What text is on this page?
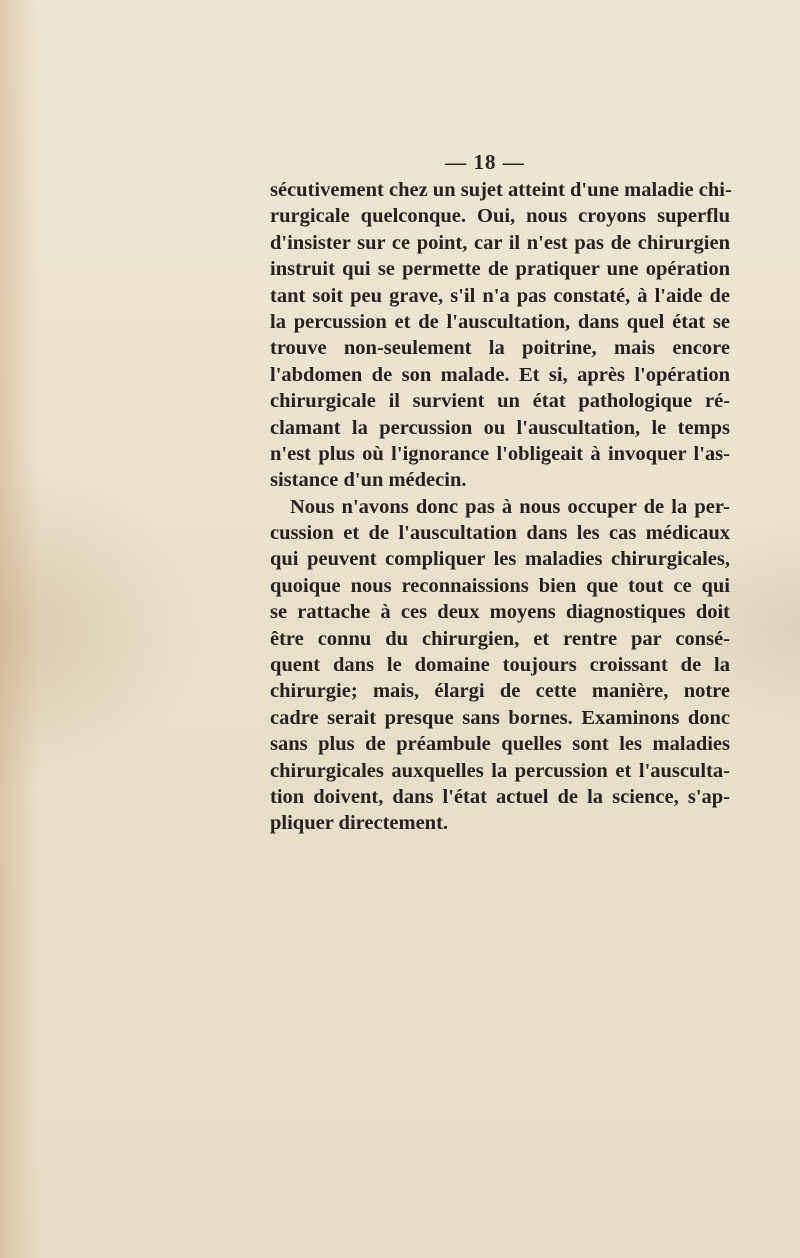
— 18 —
sécutivement chez un sujet atteint d'une maladie chi-
rurgicale quelconque. Oui, nous croyons superflu
d'insister sur ce point, car il n'est pas de chirurgien
instruit qui se permette de pratiquer une opération
tant soit peu grave, s'il n'a pas constaté, à l'aide de
la percussion et de l'auscultation, dans quel état se
trouve non-seulement la poitrine, mais encore
l'abdomen de son malade. Et si, après l'opération
chirurgicale il survient un état pathologique ré-
clamant la percussion ou l'auscultation, le temps
n'est plus où l'ignorance l'obligeait à invoquer l'as-
sistance d'un médecin.
Nous n'avons donc pas à nous occuper de la per-
cussion et de l'auscultation dans les cas médicaux
qui peuvent compliquer les maladies chirurgicales,
quoique nous reconnaissions bien que tout ce qui
se rattache à ces deux moyens diagnostiques doit
être connu du chirurgien, et rentre par consé-
quent dans le domaine toujours croissant de la
chirurgie; mais, élargi de cette manière, notre
cadre serait presque sans bornes. Examinons donc
sans plus de préambule quelles sont les maladies
chirurgicales auxquelles la percussion et l'ausculta-
tion doivent, dans l'état actuel de la science, s'ap-
pliquer directement.
